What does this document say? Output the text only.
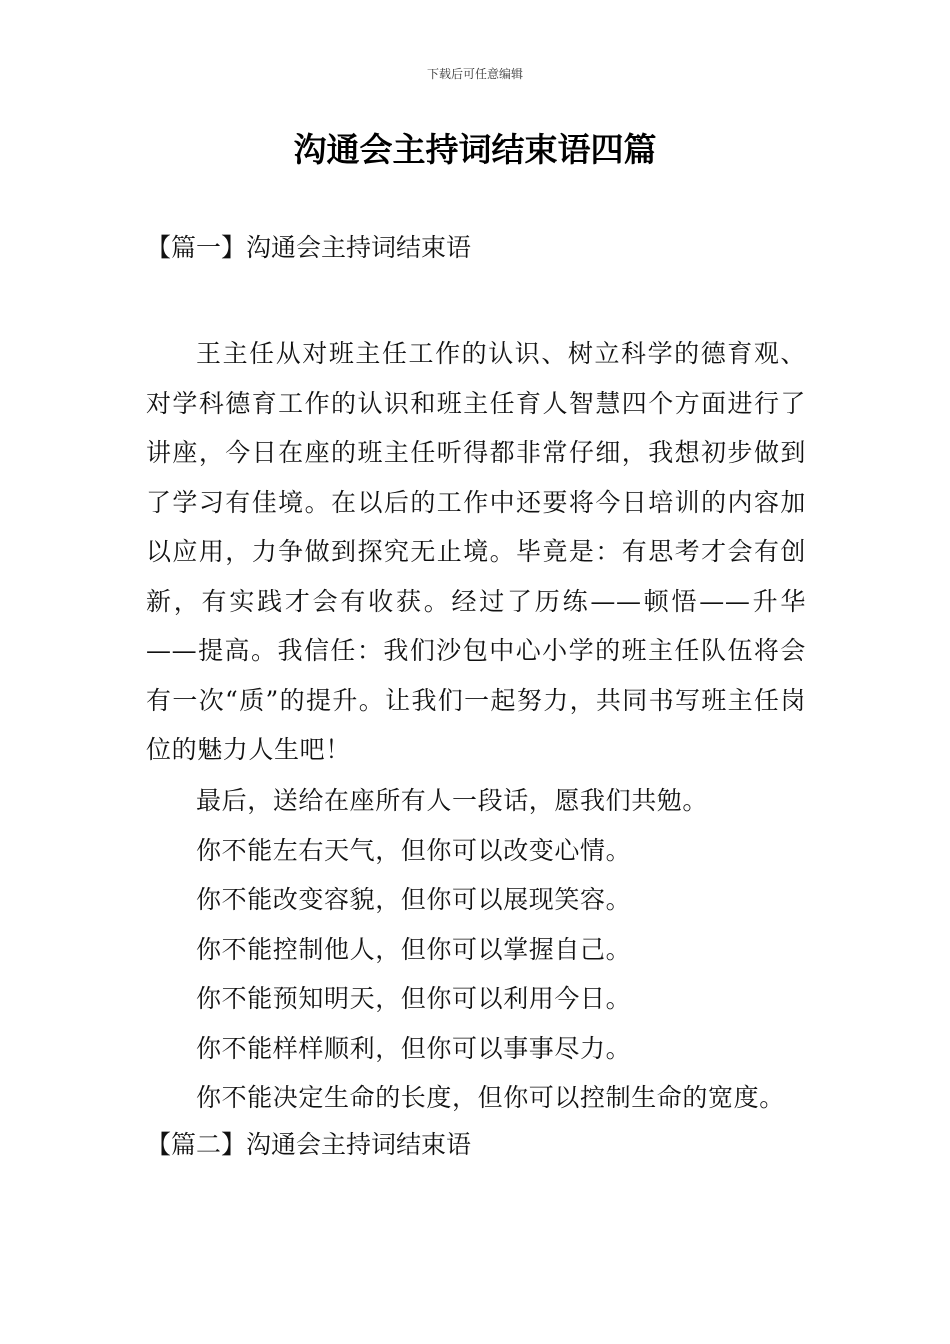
下载后可任意编辑
沟通会主持词结束语四篇
【篇一】沟通会主持词结束语

王主任从对班主任工作的认识、树立科学的德育观、对学科德育工作的认识和班主任育人智慧四个方面进行了讲座，今日在座的班主任听得都非常仔细，我想初步做到了学习有佳境。在以后的工作中还要将今日培训的内容加以应用，力争做到探究无止境。毕竟是：有思考才会有创新，有实践才会有收获。经过了历练——顿悟——升华——提高。我信任：我们沙包中心小学的班主任队伍将会有一次“质”的提升。让我们一起努力，共同书写班主任岗位的魅力人生吧！

最后，送给在座所有人一段话，愿我们共勉。
你不能左右天气，但你可以改变心情。
你不能改变容貌，但你可以展现笑容。
你不能控制他人，但你可以掌握自己。
你不能预知明天，但你可以利用今日。
你不能样样顺利，但你可以事事尽力。
你不能决定生命的长度，但你可以控制生命的宽度。
【篇二】沟通会主持词结束语
